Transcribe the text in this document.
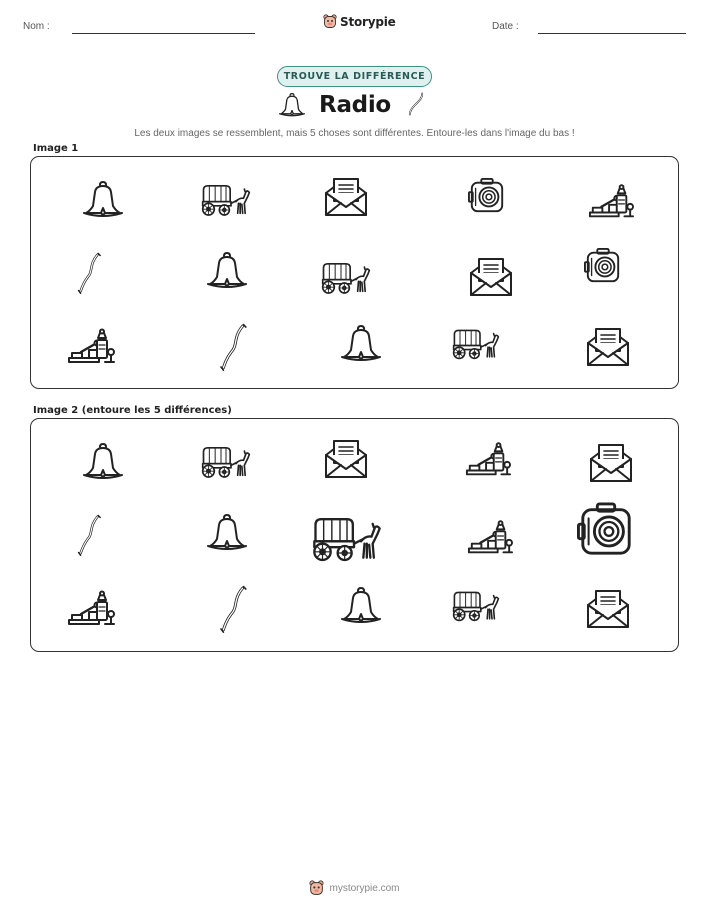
Nom :	Date :
Storypie
TROUVE LA DIFFÉRENCE
Radio
Les deux images se ressemblent, mais 5 choses sont différentes. Entoure-les dans l'image du bas !
Image 1
Image 2 (entoure les 5 différences)
mystorypie.com
